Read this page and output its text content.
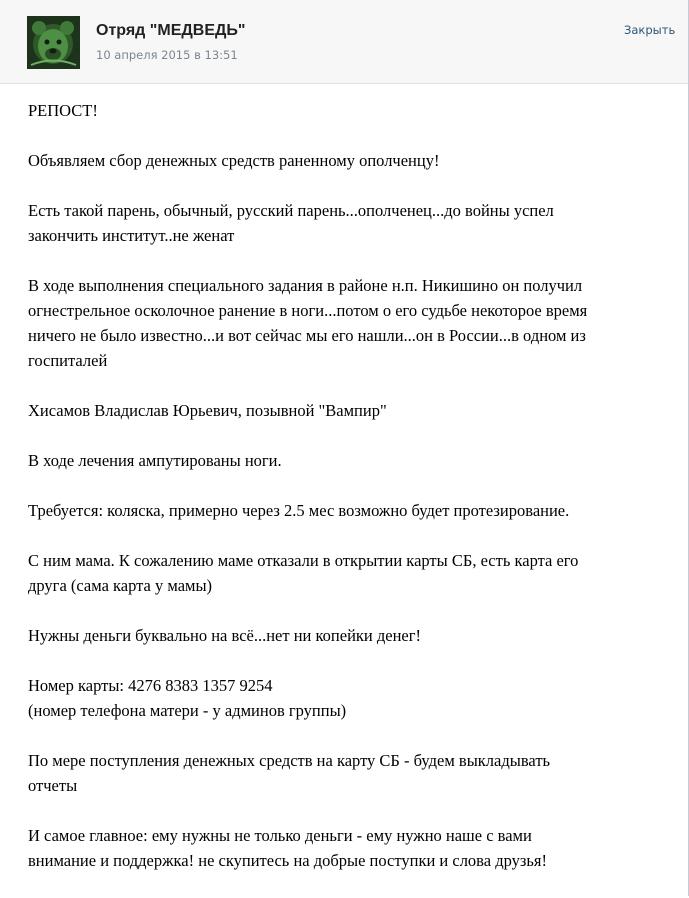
Отряд "МЕДВЕДЬ"
10 апреля 2015 в 13:51
Закрыть
РЕПОСТ!
Объявляем сбор денежных средств раненному ополченцу!
Есть такой парень, обычный, русский парень...ополченец...до войны успел
закончить институт..не женат
В ходе выполнения специального задания в районе н.п. Никишино он получил
огнестрельное осколочное ранение в ноги...потом о его судьбе некоторое время
ничего не было известно...и вот сейчас мы его нашли...он в России...в одном из
госпиталей
Хисамов Владислав Юрьевич, позывной "Вампир"
В ходе лечения ампутированы ноги.
Требуется: коляска, примерно через 2.5 мес возможно будет протезирование.
С ним мама. К сожалению маме отказали в открытии карты СБ, есть карта его
друга (сама карта у мамы)
Нужны деньги буквально на всё...нет ни копейки денег!
Номер карты: 4276 8383 1357 9254
(номер телефона матери - у админов группы)
По мере поступления денежных средств на карту СБ - будем выкладывать
отчеты
И самое главное: ему нужны не только деньги - ему нужно наше с вами
внимание и поддержка! не скупитесь на добрые поступки и слова друзья!
